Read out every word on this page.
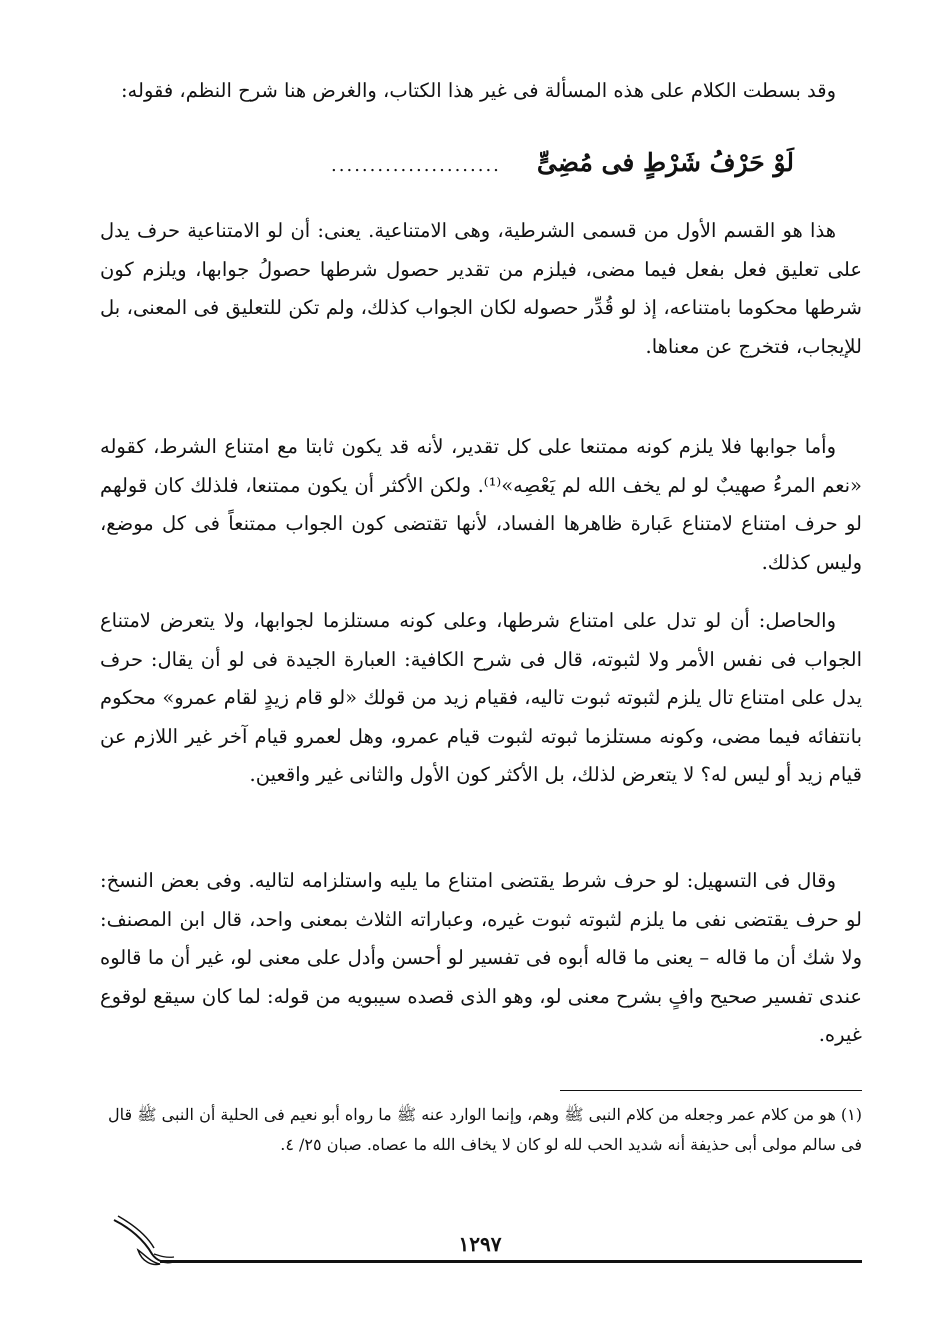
وقد بسطت الكلام على هذه المسألة فى غير هذا الكتاب، والغرض هنا شرح النظم، فقوله:

لَوْ حَرْفُ شَرْطٍ فى مُضِىٍّ
......................

هذا هو القسم الأول من قسمى الشرطية، وهى الامتناعية. يعنى: أن لو الامتناعية حرف يدل على تعليق فعل بفعل فيما مضى، فيلزم من تقدير حصول شرطها حصولُ جوابها، ويلزم كون شرطها محكوما بامتناعه، إذ لو قُدِّر حصوله لكان الجواب كذلك، ولم تكن للتعليق فى المعنى، بل للإيجاب، فتخرج عن معناها.

وأما جوابها فلا يلزم كونه ممتنعا على كل تقدير، لأنه قد يكون ثابتا مع امتناع الشرط، كقوله «نعم المرءُ صهيبٌ لو لم يخف الله لم يَعْصِه»⁽¹⁾. ولكن الأكثر أن يكون ممتنعا، فلذلك كان قولهم لو حرف امتناع لامتناع عَبارة ظاهرها الفساد، لأنها تقتضى كون الجواب ممتنعاً فى كل موضع، وليس كذلك.

والحاصل: أن لو تدل على امتناع شرطها، وعلى كونه مستلزما لجوابها، ولا يتعرض لامتناع الجواب فى نفس الأمر ولا لثبوته، قال فى شرح الكافية: العبارة الجيدة فى لو أن يقال: حرف يدل على امتناع تال يلزم لثبوته ثبوت تاليه، فقيام زيد من قولك «لو قام زيدٍ لقام عمرو» محكوم بانتفائه فيما مضى، وكونه مستلزما ثبوته لثبوت قيام عمرو، وهل لعمرو قيام آخر غير اللازم عن قيام زيد أو ليس له؟ لا يتعرض لذلك، بل الأكثر كون الأول والثانى غير واقعين.

وقال فى التسهيل: لو حرف شرط يقتضى امتناع ما يليه واستلزامه لتاليه. وفى بعض النسخ: لو حرف يقتضى نفى ما يلزم لثبوته ثبوت غيره، وعباراته الثلاث بمعنى واحد، قال ابن المصنف: ولا شك أن ما قاله – يعنى ما قاله أبوه فى تفسير لو أحسن وأدل على معنى لو، غير أن ما قالوه عندى تفسير صحيح وافٍ بشرح معنى لو، وهو الذى قصده سيبويه من قوله: لما كان سيقع لوقوع غيره.

(١) هو من كلام عمر وجعله من كلام النبى ﷺ وهم، وإنما الوارد عنه ﷺ ما رواه أبو نعيم فى الحلية أن النبى ﷺ قال فى سالم مولى أبى حذيفة أنه شديد الحب لله لو كان لا يخاف الله ما عصاه. صبان ٢٥/ ٤.

١٢٩٧
